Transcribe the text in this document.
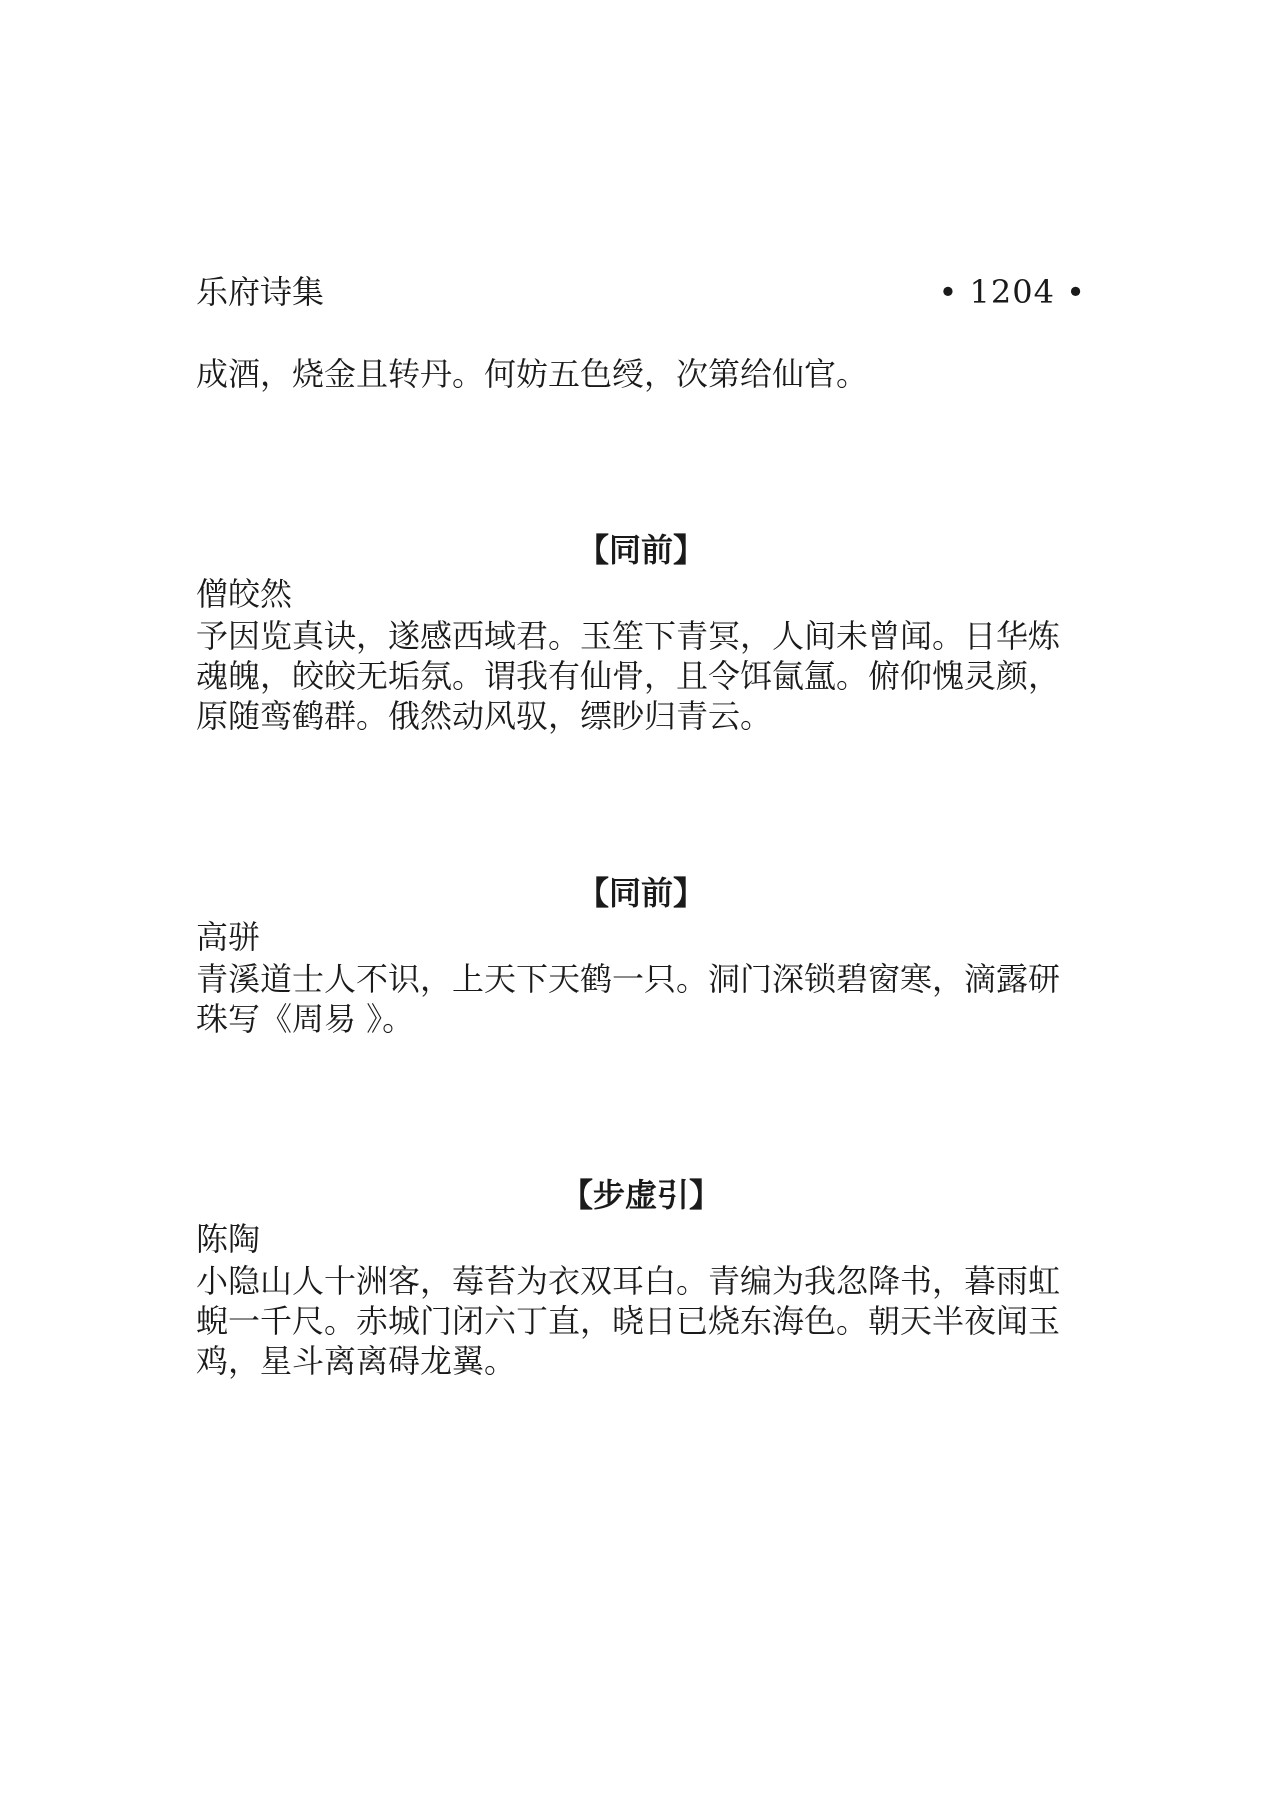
乐府诗集	• 1204 •

成酒，烧金且转丹。何妨五色绶，次第给仙官。

【同前】

僧皎然

予因览真诀，遂感西域君。玉笙下青冥，人间未曾闻。日华炼
魂魄，皎皎无垢氛。谓我有仙骨，且令饵氤氲。俯仰愧灵颜，
原随鸾鹤群。俄然动风驭，缥眇归青云。
【同前】

高骈

青溪道士人不识，上天下天鹤一只。洞门深锁碧窗寒，滴露研
珠写《周易 》。
【步虚引】

陈陶

小隐山人十洲客，莓苔为衣双耳白。青编为我忽降书，暮雨虹
蜺一千尺。赤城门闭六丁直，晓日已烧东海色。朝天半夜闻玉
鸡，星斗离离碍龙翼。
